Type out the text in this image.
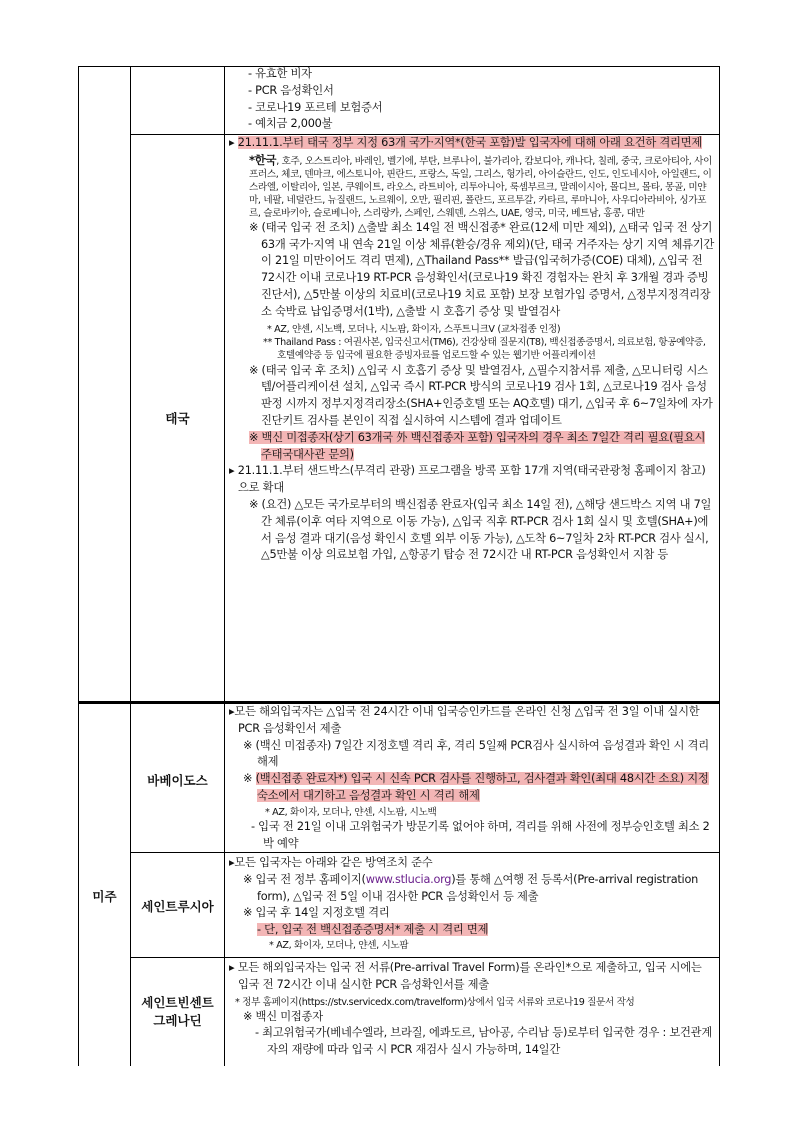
- 유효한 비자

- PCR 음성확인서

- 코로나19 포르테 보험증서

- 예치금 2,000불

태국

▸ 21.11.1.부터 태국 정부 지정 63개 국가·지역*(한국 포함)발 입국자에 대해 아래 요건하 격리면제

*한국, 호주, 오스트리아, 바레인, 벨기에, 부탄, 브루나이, 불가리아, 캄보디아, 캐나다, 칠레, 중국, 크로아티아, 사이프러스, 체코, 덴마크, 에스토니아, 핀란드, 프랑스, 독일, 그리스, 헝가리, 아이슬란드, 인도, 인도네시아, 아일랜드, 이스라엘, 이탈리아, 일본, 쿠웨이트, 라오스, 라트비아, 리투아니아, 룩셈부르크, 말레이시아, 몰디브, 몰타, 몽골, 미얀마, 네팔, 네덜란드, 뉴질랜드, 노르웨이, 오만, 필리핀, 폴란드, 포르투갈, 카타르, 루마니아, 사우디아라비아, 싱가포르, 슬로바키아, 슬로베니아, 스리랑카, 스페인, 스웨덴, 스위스, UAE, 영국, 미국, 베트남, 홍콩, 대만

※ (태국 입국 전 조치) △출발 최소 14일 전 백신접종* 완료(12세 미만 제외), △태국 입국 전 상기 63개 국가·지역 내 연속 21일 이상 체류(환승/경유 제외)(단, 태국 거주자는 상기 지역 체류기간이 21일 미만이어도 격리 면제), △Thailand Pass** 발급(입국허가증(COE) 대체), △입국 전 72시간 이내 코로나19 RT-PCR 음성확인서(코로나19 확진 경험자는 완치 후 3개월 경과 증빙 진단서), △5만불 이상의 치료비(코로나19 치료 포함) 보장 보험가입 증명서, △정부지정격리장소 숙박료 납입증명서(1박), △출발 시 호흡기 증상 및 발열검사

* AZ, 얀센, 시노백, 모더나, 시노팜, 화이자, 스푸트니크V (교차접종 인정)

** Thailand Pass : 여권사본, 입국신고서(TM6), 건강상태 질문지(T8), 백신접종증명서, 의료보험, 항공예약증, 호텔예약증 등 입국에 필요한 증빙자료를 업로드할 수 있는 웹기반 어플리케이션

※ (태국 입국 후 조치) △입국 시 호흡기 증상 및 발열검사, △필수지참서류 제출, △모니터링 시스템/어플리케이션 설치, △입국 즉시 RT-PCR 방식의 코로나19 검사 1회, △코로나19 검사 음성판정 시까지 정부지정격리장소(SHA+인증호텔 또는 AQ호텔) 대기, △입국 후 6~7일차에 자가진단키트 검사를 본인이 직접 실시하여 시스템에 결과 업데이트

※ 백신 미접종자(상기 63개국 外 백신접종자 포함) 입국자의 경우 최소 7일간 격리 필요(필요시 주태국대사관 문의)

▸ 21.11.1.부터 샌드박스(무격리 관광) 프로그램을 방콕 포함 17개 지역(태국관광청 홈페이지 참고)으로 확대

※ (요건) △모든 국가로부터의 백신접종 완료자(입국 최소 14일 전), △해당 샌드박스 지역 내 7일간 체류(이후 여타 지역으로 이동 가능), △입국 직후 RT-PCR 검사 1회 실시 및 호텔(SHA+)에서 음성 결과 대기(음성 확인시 호텔 외부 이동 가능), △도착 6~7일차 2차 RT-PCR 검사 실시, △5만불 이상 의료보험 가입, △항공기 탑승 전 72시간 내 RT-PCR 음성확인서 지참 등

미주
바베이도스

▸모든 해외입국자는 △입국 전 24시간 이내 입국승인카드를 온라인 신청 △입국 전 3일 이내 실시한 PCR 음성확인서 제출

※ (백신 미접종자) 7일간 지정호텔 격리 후, 격리 5일째 PCR검사 실시하여 음성결과 확인 시 격리 해제

※ (백신접종 완료자*) 입국 시 신속 PCR 검사를 진행하고, 검사결과 확인(최대 48시간 소요) 지정숙소에서 대기하고 음성결과 확인 시 격리 해제

* AZ, 화이자, 모더나, 얀센, 시노팜, 시노백

- 입국 전 21일 이내 고위험국가 방문기록 없어야 하며, 격리를 위해 사전에 정부승인호텔 최소 2박 예약

세인트루시아

▸모든 입국자는 아래와 같은 방역조치 준수

※ 입국 전 정부 홈페이지(www.stlucia.org)를 통해 △여행 전 등록서(Pre-arrival registration form), △입국 전 5일 이내 검사한 PCR 음성확인서 등 제출

※ 입국 후 14일 지정호텔 격리

- 단, 입국 전 백신접종증명서* 제출 시 격리 면제

* AZ, 화이자, 모더나, 얀센, 시노팜

세인트빈센트
그레나딘

▸ 모든 해외입국자는 입국 전 서류(Pre-arrival Travel Form)를 온라인*으로 제출하고, 입국 시에는 입국 전 72시간 이내 실시한 PCR 음성확인서를 제출

* 정부 홈페이지(https://stv.servicedx.com/travelform)상에서 입국 서류와 코로나19 질문서 작성

※ 백신 미접종자

- 최고위험국가(베네수엘라, 브라질, 에콰도르, 남아공, 수리남 등)로부터 입국한 경우 : 보건관계자의 재량에 따라 입국 시 PCR 재검사 실시 가능하며, 14일간
